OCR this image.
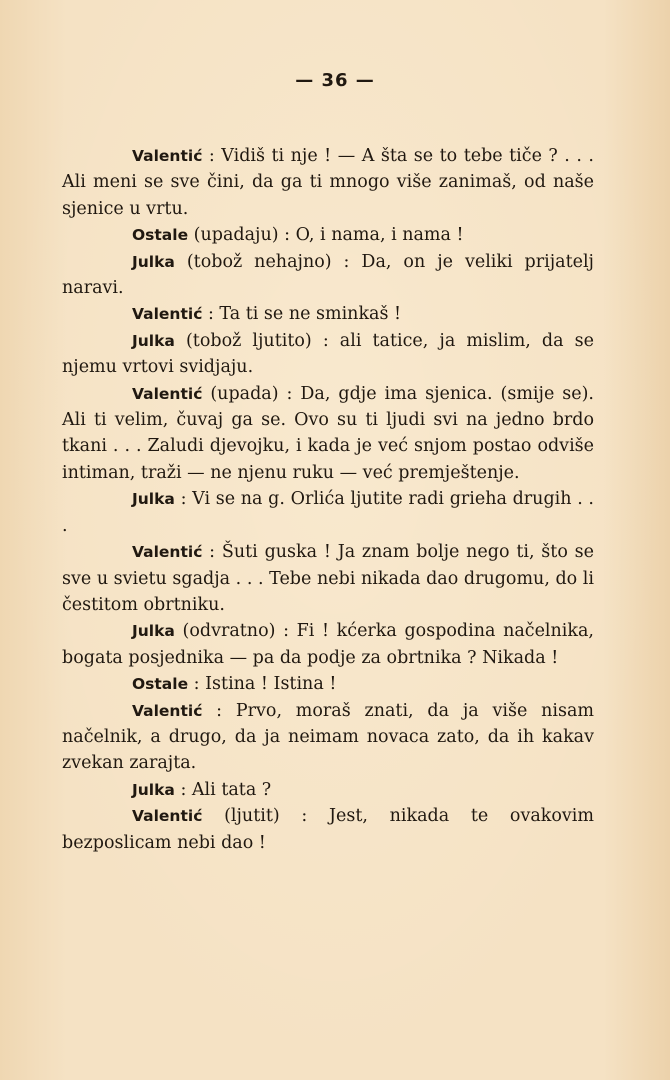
— 36 —

Valentić : Vidiš ti nje ! — A šta se to tebe tiče ? . . . Ali meni se sve čini, da ga ti mnogo više zanimaš, od naše sjenice u vrtu.

Ostale (upadaju) : O, i nama, i nama !

Julka (tobož nehajno) : Da, on je veliki prijatelj naravi.

Valentić : Ta ti se ne sminkaš !

Julka (tobož ljutito) : ali tatice, ja mislim, da se njemu vrtovi svidjaju.

Valentić (upada) : Da, gdje ima sjenica. (smije se). Ali ti velim, čuvaj ga se. Ovo su ti ljudi svi na jedno brdo tkani . . . Zaludi djevojku, i kada je već snjom postao odviše intiman, traži — ne njenu ruku — već premještenje.

Julka : Vi se na g. Orlića ljutite radi grieha drugih . . .

Valentić : Šuti guska ! Ja znam bolje nego ti, što se sve u svietu sgadja . . . Tebe nebi nikada dao drugomu, do li čestitom obrtniku.

Julka (odvratno) : Fi ! kćerka gospodina načelnika, bogata posjednika — pa da podje za obrtnika ? Nikada !

Ostale : Istina ! Istina !

Valentić : Prvo, moraš znati, da ja više nisam načelnik, a drugo, da ja neimam novaca zato, da ih kakav zvekan zarajta.

Julka : Ali tata ?

Valentić (ljutit) : Jest, nikada te ovakovim bezposlicam nebi dao !
